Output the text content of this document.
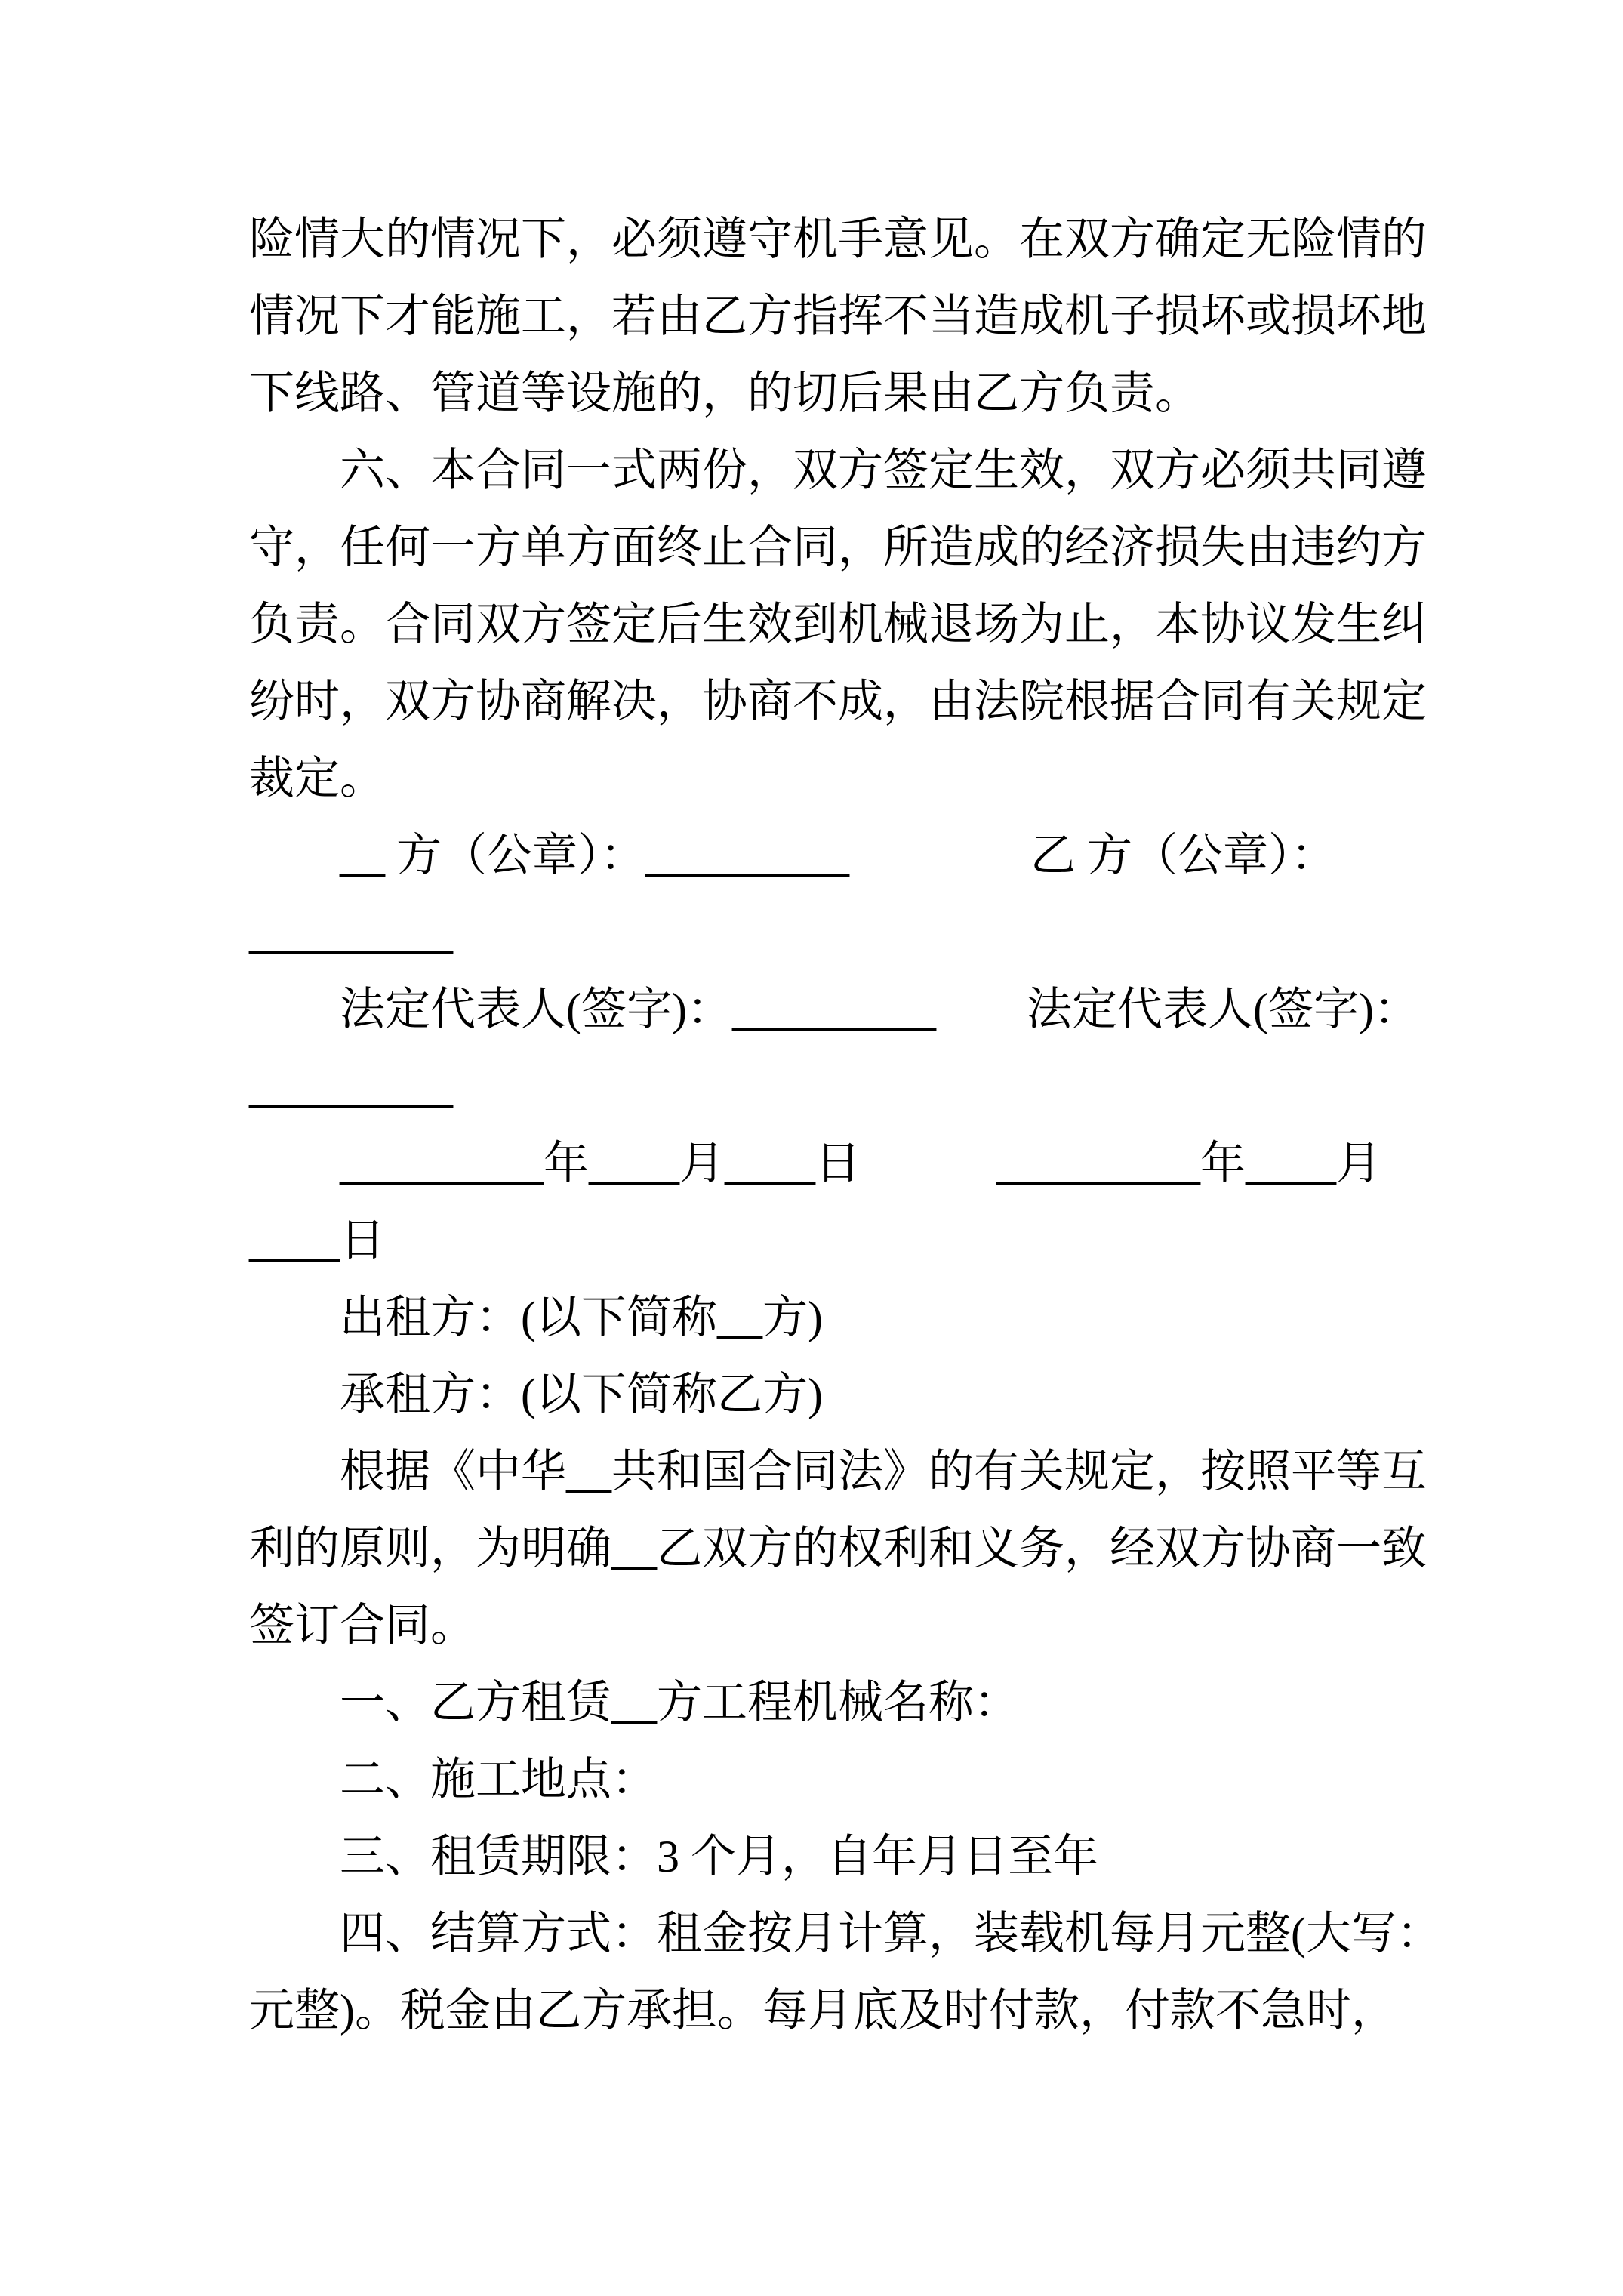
险情大的情况下，必须遵守机手意见。在双方确定无险情的
情况下才能施工，若由乙方指挥不当造成机子损坏或损坏地
下线路、管道等设施的，的切后果由乙方负责。
　　六、本合同一式两份，双方签定生效，双方必须共同遵
守，任何一方单方面终止合同，所造成的经济损失由违约方
负责。合同双方签定后生效到机械退场为止，本协议发生纠
纷时，双方协商解决，协商不成，由法院根据合同有关规定
裁定。
　　__ 方（公章）：_________　　　　乙 方（公章）：
_________
　　法定代表人(签字)：_________　　法定代表人(签字)：
_________
　　_________年____月____日　　　_________年____月
____日
　　出租方：(以下简称__方)
　　承租方：(以下简称乙方)
　　根据《中华__共和国合同法》的有关规定，按照平等互
利的原则，为明确__乙双方的权利和义务，经双方协商一致
签订合同。
　　一、乙方租赁__方工程机械名称：
　　二、施工地点：
　　三、租赁期限：3 个月，自年月日至年
　　四、结算方式：租金按月计算，装载机每月元整(大写：
元整)。税金由乙方承担。每月底及时付款，付款不急时，
